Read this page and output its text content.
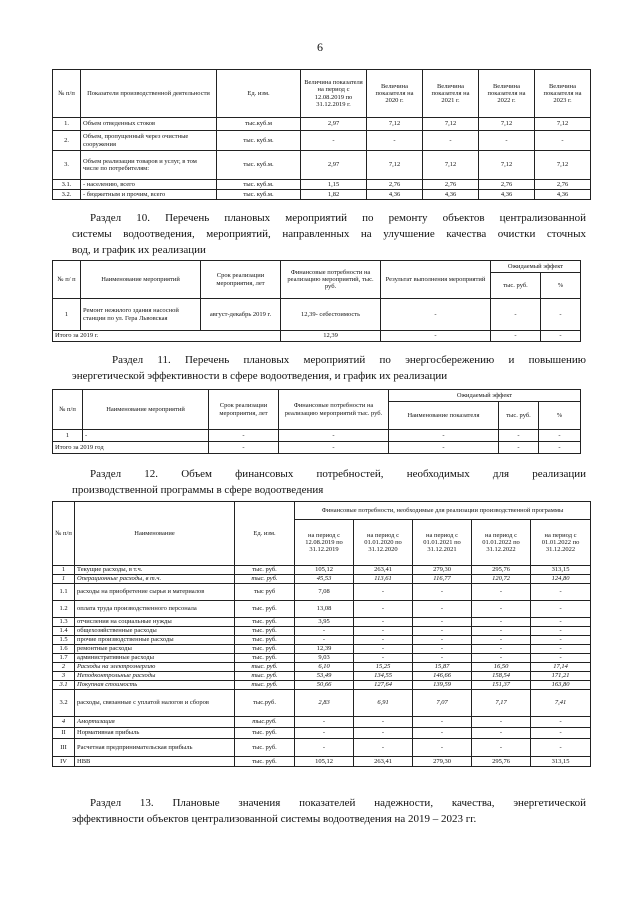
6
№ п/п	Показатели производственной деятельности	Ед. изм.	Величина показателя на период с 12.08.2019 по 31.12.2019 г.	Величина показателя на 2020 г.	Величина показателя на 2021 г.	Величина показателя на 2022 г.	Величина показателя на 2023 г.
1.	Объем отведенных стоков	тыс.куб.м	2,97	7,12	7,12	7,12	7,12
2.	Объем, пропущенный через очистные сооружения	тыс. куб.м.	-	-	-	-	-
3.	Объем реализации товаров и услуг, в том числе по потребителям:	тыс. куб.м.	2,97	7,12	7,12	7,12	7,12
3.1.	- населению, всего	тыс. куб.м.	1,15	2,76	2,76	2,76	2,76
3.2.	- бюджетным и прочим, всего	тыс. куб.м.	1,82	4,36	4,36	4,36	4,36
Раздел 10. Перечень плановых мероприятий по ремонту объектов централизованной
системы водоотведения, мероприятий, направленных на улучшение качества очистки сточных
вод, и график их реализации
№ п/ п	Наименование мероприятий	Срок реализации мероприятия, лет	Финансовые потребности на реализацию мероприятий, тыс. руб.	Результат выполнения мероприятий	Ожидаемый эффект	
					тыс. руб.	%
1	Ремонт нежилого здания насосной станции по ул. Гера Львовская	август-декабрь 2019 г.	12,39- себестоимость	-	-	-
Итого за 2019 г.			12,39	-	-	-
Раздел 11. Перечень плановых мероприятий по энергосбережению и повышению
энергетической эффективности в сфере водоотведения, и график их реализации
№ п/п	Наименование мероприятий	Срок реализации мероприятия, лет	Финансовые потребности на реализацию мероприятий тыс. руб.	Ожидаемый эффект		
				Наименование показателя	тыс. руб.	%
1	-	-	-	-	-	-
Итого за 2019 год		-	-	-	-	-
Раздел 12. Объем финансовых потребностей, необходимых для реализации
производственной программы в сфере водоотведения
№ п/п	Наименование	Ед. изм.	Финансовые потребности, необходимые для реализации производственной программы				
			на период с 12.08.2019 по 31.12.2019	на период с 01.01.2020 по 31.12.2020	на период с 01.01.2021 по 31.12.2021	на период с 01.01.2022 по 31.12.2022	на период с 01.01.2022 по 31.12.2022
1	Текущие расходы, в т.ч.	тыс. руб.	105,12	263,41	279,30	295,76	313,15
1	Операционные расходы, в т.ч.	тыс. руб.	45,53	113,61	116,77	120,72	124,80
1.1	расходы на приобретение сырья и материалов	тыс руб	7,08	-	-	-	-
1.2	оплата труда производственного персонала	тыс. руб.	13,08	-	-	-	-
1.3	отчисления на социальные нужды	тыс. руб.	3,95	-	-	-	-
1.4	общехозяйственные расходы	тыс. руб.	-	-	-	-	-
1.5	прочие производственные расходы	тыс. руб.	-	-	-	-	-
1.6	ремонтные расходы	тыс. руб.	12,39	-	-	-	-
1.7	административные расходы	тыс. руб.	9,03	-	-	-	-
2	Расходы на электроэнергию	тыс. руб.	6,10	15,25	15,87	16,50	17,14
3	Неподконтрольные расходы	тыс. руб.	53,49	134,55	146,66	158,54	171,21
3.1	Покупная стоимость	тыс. руб.	50,66	127,64	139,59	151,37	163,80
3.2	расходы, связанные с уплатой налогов и сборов	тыс.руб.	2,83	6,91	7,07	7,17	7,41
4	Амортизация	тыс.руб.	-	-	-	-	-
II	Нормативная прибыль	тыс. руб.	-	-	-	-	-
III	Расчетная предпринимательская прибыль	тыс. руб.	-	-	-	-	-
IV	НВВ	тыс. руб.	105,12	263,41	279,30	295,76	313,15
Раздел 13. Плановые значения показателей надежности, качества, энергетической
эффективности объектов централизованной системы водоотведения на 2019 – 2023 гг.
